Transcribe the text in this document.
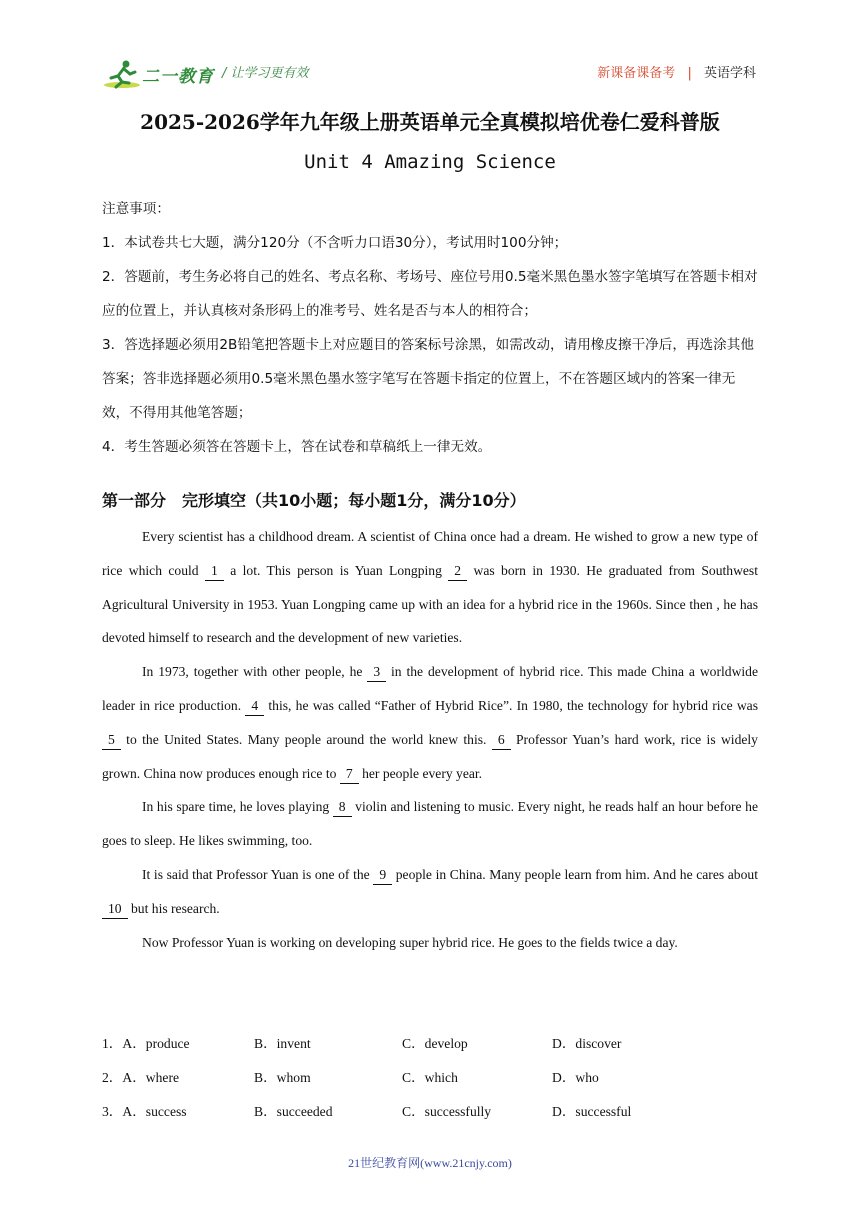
二一教育 / 让学习更有效	新课备课备考 | 英语学科
2025-2026学年九年级上册英语单元全真模拟培优卷仁爱科普版
Unit 4 Amazing Science

注意事项：

1．本试卷共七大题，满分120分（不含听力口语30分），考试用时100分钟；

2．答题前，考生务必将自己的姓名、考点名称、考场号、座位号用0.5毫米黑色墨水签字笔填写在答题卡相对应的位置上，并认真核对条形码上的准考号、姓名是否与本人的相符合；

3．答选择题必须用2B铅笔把答题卡上对应题目的答案标号涂黑，如需改动，请用橡皮擦干净后，再选涂其他答案；答非选择题必须用0.5毫米黑色墨水签字笔写在答题卡指定的位置上，不在答题区域内的答案一律无效，不得用其他笔答题；

4．考生答题必须答在答题卡上，答在试卷和草稿纸上一律无效。

第一部分　完形填空（共10小题；每小题1分，满分10分）

Every scientist has a childhood dream. A scientist of China once had a dream. He wished to grow a new type of rice which could 1 a lot. This person is Yuan Longping 2 was born in 1930. He graduated from Southwest Agricultural University in 1953. Yuan Longping came up with an idea for a hybrid rice in the 1960s. Since then , he has devoted himself to research and the development of new varieties.

In 1973, together with other people, he 3 in the development of hybrid rice. This made China a worldwide leader in rice production. 4 this, he was called “Father of Hybrid Rice”. In 1980, the technology for hybrid rice was 5 to the United States. Many people around the world knew this. 6 Professor Yuan’s hard work, rice is widely grown. China now produces enough rice to 7 her people every year.

In his spare time, he loves playing 8 violin and listening to music. Every night, he reads half an hour before he goes to sleep. He likes swimming, too.

It is said that Professor Yuan is one of the 9 people in China. Many people learn from him. And he cares about 10 but his research.

Now Professor Yuan is working on developing super hybrid rice. He goes to the fields twice a day.

1．A．produce	B．invent	C．develop	D．discover
2．A．where	B．whom	C．which	D．who
3．A．success	B．succeeded	C．successfully	D．successful
21世纪教育网(www.21cnjy.com)
